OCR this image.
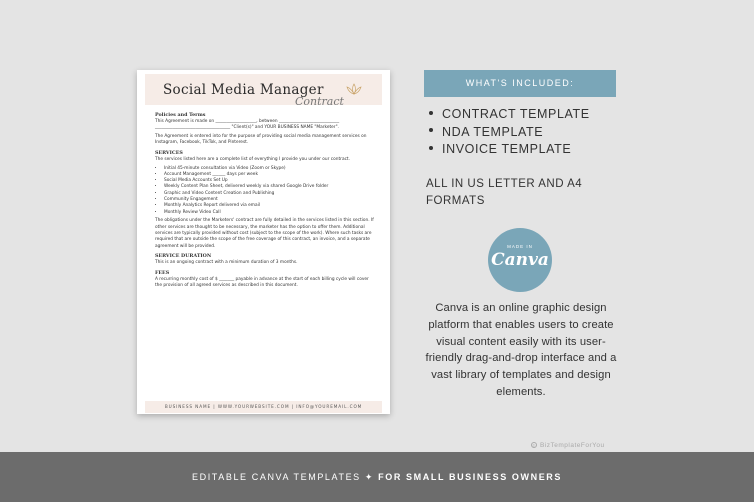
Social Media Manager
Contract
Policies and Terms

This Agreement is made on ___________________, between ____________________________ ___________________________________ "Client(s)" and YOUR BUSINESS NAME "Marketer".

The Agreement is entered into for the purpose of providing social media management services on Instagram, Facebook, TikTok, and Pinterest.

SERVICES

The services listed here are a complete list of everything I provide you under our contract.

• Initial 45-minute consultation via Video (Zoom or Skype)
• Account Management ______ days per week
• Social Media Accounts Set Up
• Weekly Content Plan Sheet, delivered weekly via shared Google Drive folder
• Graphic and Video Content Creation and Publishing
• Community Engagement
• Monthly Analytics Report delivered via email
• Monthly Review Video Call

The obligations under the Marketers' contract are fully detailed in the services listed in this section. If other services are thought to be necessary, the marketer has the option to offer them. Additional services are typically provided without cost (subject to the scope of the work). Where such tasks are required that are outside the scope of the free coverage of this contract, an invoice, and a separate agreement will be provided.

SERVICE DURATION

This is an ongoing contract with a minimum duration of 3 months.

FEES

A recurring monthly cost of $ _______ payable in advance at the start of each billing cycle will cover the provision of all agreed services as described in this document.

BUSINESS NAME | WWW.YOURWEBSITE.COM | INFO@YOUREMAIL.COM
WHAT'S INCLUDED:
CONTRACT TEMPLATE
NDA TEMPLATE
INVOICE TEMPLATE
ALL IN US LETTER AND A4 FORMATS
MADE IN
Canva
Canva is an online graphic design platform that enables users to create visual content easily with its user-friendly drag-and-drop interface and a vast library of templates and design elements.
© BizTemplateForYou
EDITABLE CANVA TEMPLATES ✦ FOR SMALL BUSINESS OWNERS
